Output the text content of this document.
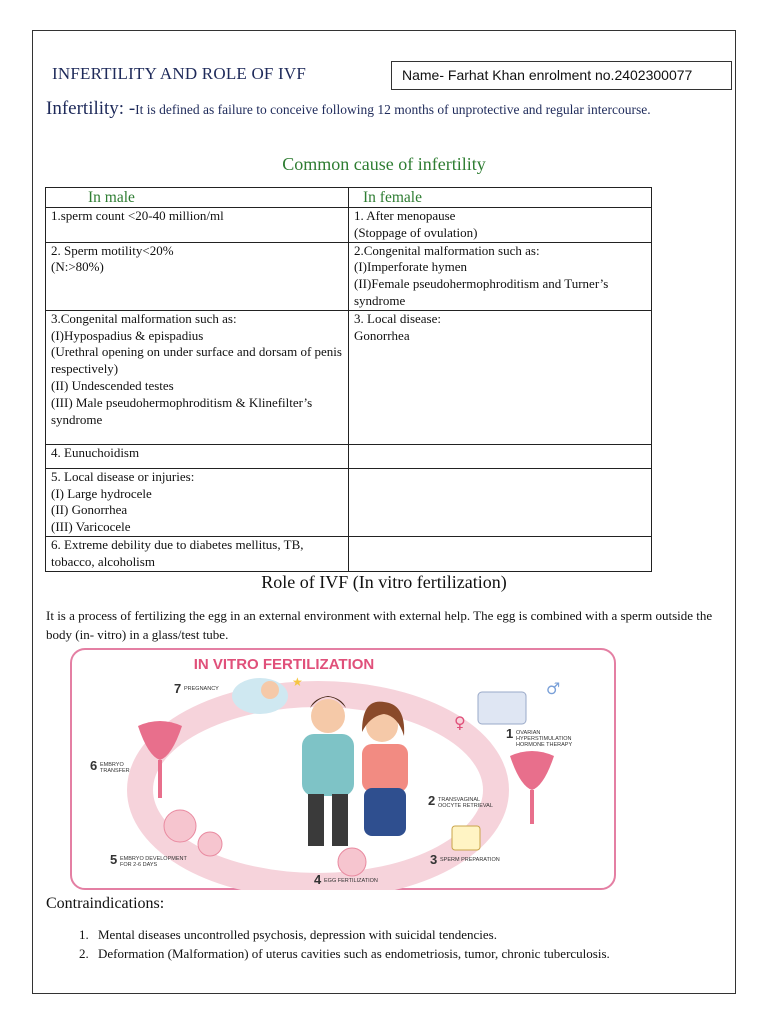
INFERTILITY AND ROLE OF IVF	Name- Farhat Khan enrolment no.2402300077
Infertility: -It is defined as failure to conceive following 12 months of unprotective and regular intercourse.
Common cause of infertility
In male	In female
1.sperm count <20-40 million/ml	1. After menopause
(Stoppage of ovulation)
2. Sperm motility<20%
(N:>80%)	2.Congenital malformation such as:
(I)Imperforate hymen
(II)Female pseudohermophroditism and Turner’s syndrome
3.Congenital malformation such as:
(I)Hypospadius & epispadius
(Urethral opening on under surface and dorsam of penis respectively)
(II) Undescended testes
(III) Male pseudohermophroditism & Klinefilter’s syndrome	3. Local disease:
Gonorrhea
4. Eunuchoidism	
5. Local disease or injuries:
(I) Large hydrocele
(II) Gonorrhea
(III) Varicocele	
6. Extreme debility due to diabetes mellitus, TB, tobacco, alcoholism	
Role of IVF (In vitro fertilization)
It is a process of fertilizing the egg in an external environment with external help. The egg is combined with a sperm outside the body (in- vitro) in a glass/test tube.
IN VITRO FERTILIZATION
♂
♀
★
1 OVARIAN HYPERSTIMULATION HORMONE THERAPY
2 TRANSVAGINAL OOCYTE RETRIEVAL
3 SPERM PREPARATION
4 EGG FERTILIZATION
5 EMBRYO DEVELOPMENT FOR 2-6 DAYS
6 EMBRYO TRANSFER
7 PREGNANCY
Contraindications:
1. Mental diseases uncontrolled psychosis, depression with suicidal tendencies.
2. Deformation (Malformation) of uterus cavities such as endometriosis, tumor, chronic tuberculosis.
